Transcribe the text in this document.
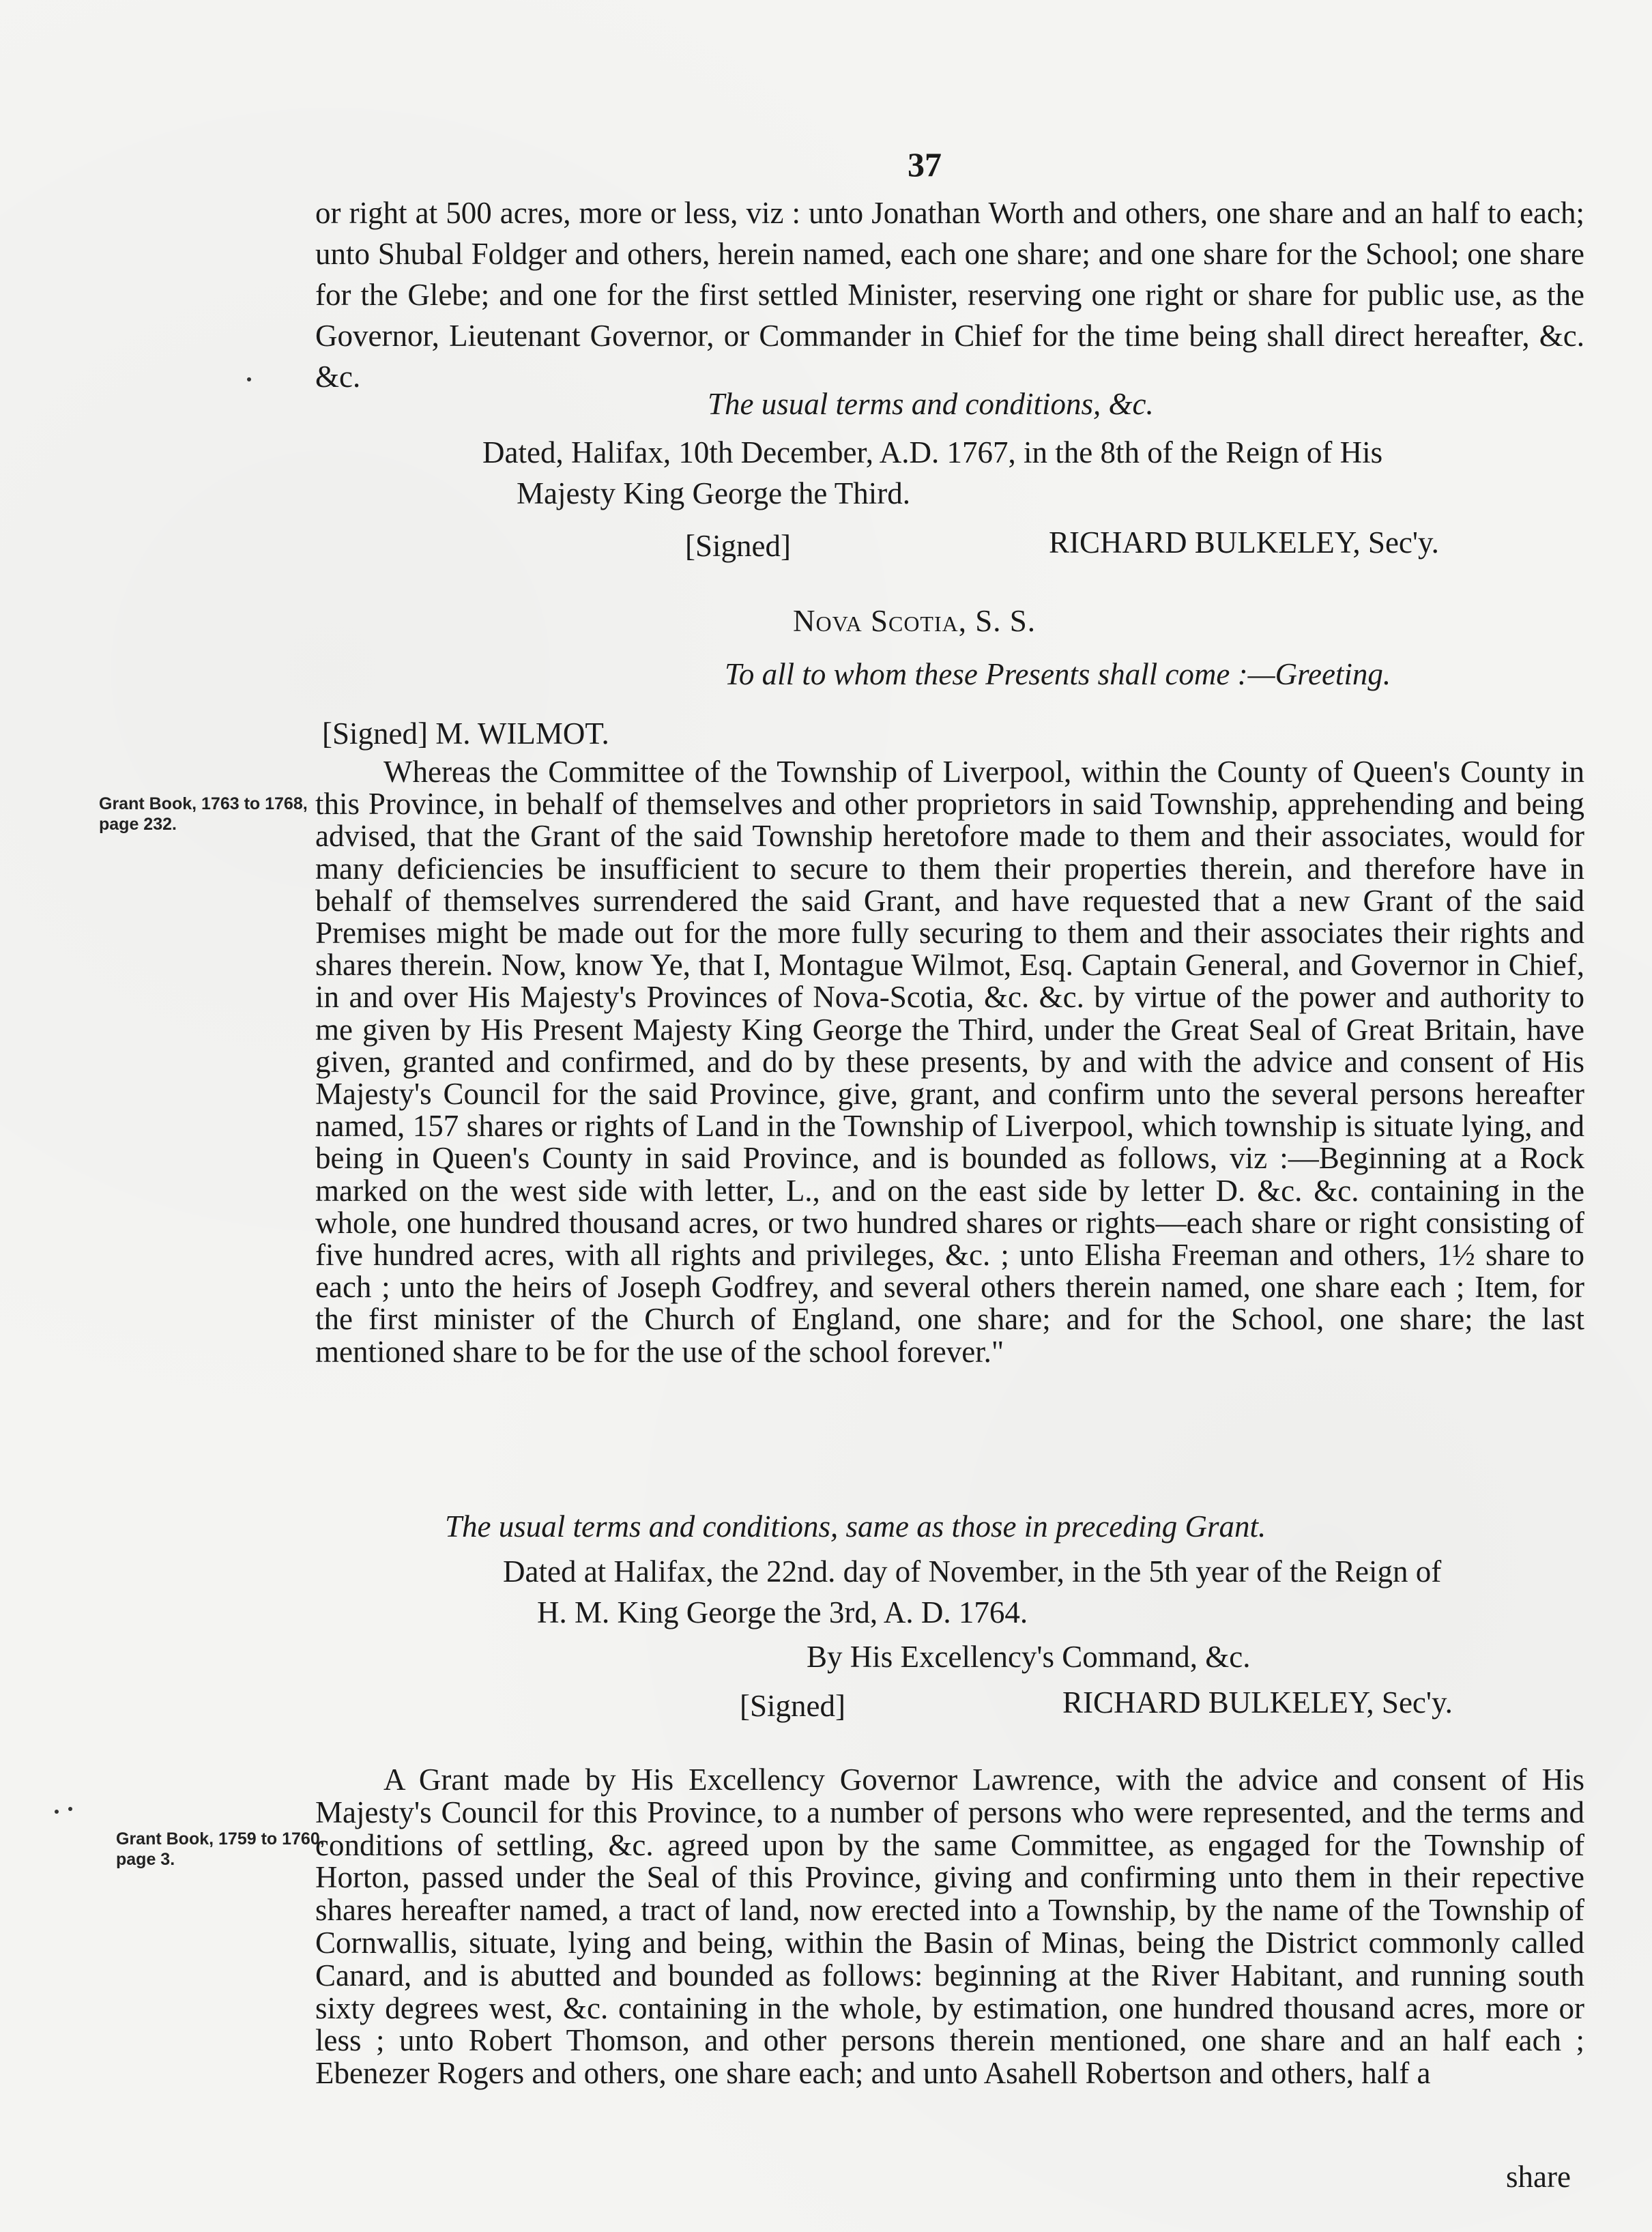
37

or right at 500 acres, more or less, viz : unto Jonathan Worth and others, one share and an half to each; unto Shubal Foldger and others, herein named, each one share; and one share for the School; one share for the Glebe; and one for the first settled Minister, reserving one right or share for public use, as the Governor, Lieutenant Governor, or Commander in Chief for the time being shall direct hereafter, &c. &c.

The usual terms and conditions, &c.
Dated, Halifax, 10th December, A.D. 1767, in the 8th of the Reign of His
Majesty King George the Third.
[Signed]	RICHARD BULKELEY, Sec'y.
Nova Scotia, S. S.
To all to whom these Presents shall come :—Greeting.
[Signed] M. WILMOT.

Whereas the Committee of the Township of Liverpool, within the County of Queen's County in this Province, in behalf of themselves and other proprietors in said Township, apprehending and being advised, that the Grant of the said Township heretofore made to them and their associates, would for many deficiencies be insufficient to secure to them their properties therein, and therefore have in behalf of themselves surrendered the said Grant, and have requested that a new Grant of the said Premises might be made out for the more fully securing to them and their associates their rights and shares therein. Now, know Ye, that I, Montague Wilmot, Esq. Captain General, and Governor in Chief, in and over His Majesty's Provinces of Nova-Scotia, &c. &c. by virtue of the power and authority to me given by His Present Majesty King George the Third, under the Great Seal of Great Britain, have given, granted and confirmed, and do by these presents, by and with the advice and consent of His Majesty's Council for the said Province, give, grant, and confirm unto the several persons hereafter named, 157 shares or rights of Land in the Township of Liverpool, which township is situate lying, and being in Queen's County in said Province, and is bounded as follows, viz :—Beginning at a Rock marked on the west side with letter, L., and on the east side by letter D. &c. &c. containing in the whole, one hundred thousand acres, or two hundred shares or rights—each share or right consisting of five hundred acres, with all rights and privileges, &c. ; unto Elisha Freeman and others, 1½ share to each ; unto the heirs of Joseph Godfrey, and several others therein named, one share each ; Item, for the first minister of the Church of England, one share; and for the School, one share; the last mentioned share to be for the use of the school forever."

The usual terms and conditions, same as those in preceding Grant.
Dated at Halifax, the 22nd. day of November, in the 5th year of the Reign of
H. M. King George the 3rd, A. D. 1764.
By His Excellency's Command, &c.
[Signed]	RICHARD BULKELEY, Sec'y.

A Grant made by His Excellency Governor Lawrence, with the advice and consent of His Majesty's Council for this Province, to a number of persons who were represented, and the terms and conditions of settling, &c. agreed upon by the same Committee, as engaged for the Township of Horton, passed under the Seal of this Province, giving and confirming unto them in their repective shares hereafter named, a tract of land, now erected into a Township, by the name of the Township of Cornwallis, situate, lying and being, within the Basin of Minas, being the District commonly called Canard, and is abutted and bounded as follows: beginning at the River Habitant, and running south sixty degrees west, &c. containing in the whole, by estimation, one hundred thousand acres, more or less ; unto Robert Thomson, and other persons therein mentioned, one share and an half each ; Ebenezer Rogers and others, one share each; and unto Asahell Robertson and others, half a

share
Grant Book, 1763 to 1768, page 232.
Grant Book, 1759 to 1760, page 3.
